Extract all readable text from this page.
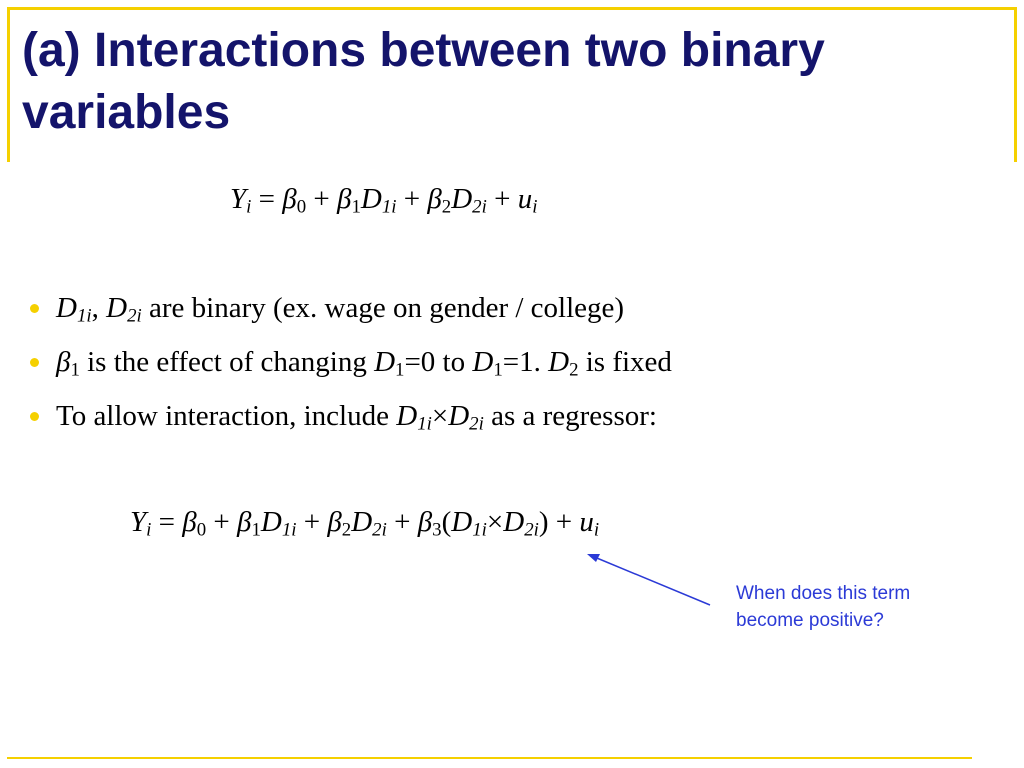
(a) Interactions between two binary variables
$Y_i = \beta_0 + \beta_1D_{1i} + \beta_2D_{2i} + u_i$
$D_{1i}$, $D_{2i}$ are binary (ex. wage on gender / college)
$\beta_1$ is the effect of changing $D_1=0$ to $D_1=1$. $D_2$ is fixed
To allow interaction, include $D_{1i}\times D_{2i}$ as a regressor:
$Y_i = \beta_0 + \beta_1D_{1i} + \beta_2D_{2i} + \beta_3(D_{1i}\times D_{2i}) + u_i$
When does this term become positive?
